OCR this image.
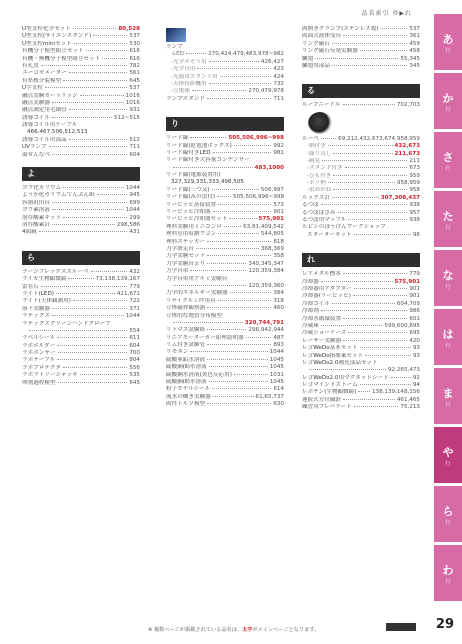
品名索引 ゆ▶れ
U型支柱化学セット	80,528
U型支柱(サイエンスタンド)	537
U型支柱miniセット	530
有機分子模型組立セット	616
有機・無機分子模型組立セット	616
有孔虫	782
ユーゴオメーター	561
有糸核分裂模型	645
U字支柱	537
融点実験カートリッジ	1016
融点実験器	1016
融点測定用毛細管	931
誘導コイル	512~515
誘導コイル用ケーブル
466,467,506,512,513
誘導コイル用部品	512
UVランプ	711
湯せんなべ	604
よ
ヨウ化カリウム	1044
ようか化カリウムでんぷん紙	945
容器汎用台	699
ヨウ素溶液	1044
溶存酸素キット	299
溶存酸素計	298,586
4面鏡	431
ら
ラージフレックススルーペ	432
ライカ生物顕微鏡	73,138,139,167
雷管石	779
ライト(LED)	421,671
ライト(天体観測用)	722
落下実験器	371
ラテックス	1044
ラテックスグリーンハンドグローブ
554
ラベルシール	611
ラボホルダー	604
ラボボンサー	700
ラボテーブル	804
ラボプロテクタ	556
ラボラトリージャッキ	535
卵割過程模型	645
ランプ
-LED	270,424,479,483,978~982
-光学ホそう用	426,427
-光学台用	423
-光源用スタンド用	424
-天体投影機用	732
-豆電球	270,479,978
ランプスタンド	711
り
リード線	505,506,996~998
リード線(乾電池ボックス)	992
リード線付きLED	981
リード線付き大容量コンデンサー
483,1000
リード線(電源装置用)
327,329,331,333,498,505
リード線(三つ又)	506,997
リード線(みの虫付)	505,506,996~998
リービッヒ蒸留装置	573
リービッヒ冷却器	901
リービッヒ冷却器セット	575,901
理科実験用ミニコンロ	63,81,409,542
理科室用収納ワゴン	544,805
理科ステッカー	818
力学滑走台	368,369
力学実験セット	358
力学実験台ぉり	340,345,347
力学台車	120,359,384
力学台車用アルミ実験台
120,359,360
力学的エネルギー実験器	384
リサイクル工作用具	318
立体磁界観察器	460
立体的な地質分布模型
320,744,791
リトマス試験紙	296,942,944
リニアモーターカー原理説明器	487
リム付き試験管	893
リモネン	1044
硫酸亜鉛水溶液	1045
硫酸銅(Ⅱ)水溶液	1045
硫酸銅水溶液(炎色反応用)	1031
硫酸銅(Ⅱ)水溶液	1045
粒子モデルシール	614
流水の働き実験器	61,65,737
両性トルソ模型	630
両開きクランプ(ステンレス製)	537
両面式液体受台	361
リング磁石	459
リング磁石反発実験器	458
鱗翅	55,345
鱗翅用部品	345
る
ループニードル	702,703
ルーペ	69,212,432,673,674,958,959
-柄付き	432,673
-繰り出し	211,673
-鏡見	211
-スタンド付き	673
-ひも付き	959
-ポリ柄	958,959
-虫めがね	958
ルックス計	307,308,437
るつぼ	938
るつぼばさみ	957
るつぼ用マッフル	938
ルビンのぼうけんワークショップ
スターターキット	96
れ
レアメタル標本	779
冷却器	575,901
冷却器用アダプター	901
冷却器(リービッヒ)	901
冷却コイル	604,709
冷却剤	986
冷却水循環装置	601
冷蔵庫	599,600,695
冷蔵ショーケース	695
レーザー実験器	420
レゴWeDo基本セット	93
レゴWeDo指導案セット	93
レゴWeDo2.0補充部品セット
92,265,473
レゴWeDo2.0用マグネットシート	92
レゴマインドストーム	94
レボチン(生物顕微鏡)	138,139,148,156
連続式方位磁針	461,465
練習用ブレパラート	75,213
あ
行
か
行
さ
行
た
行
な
行
は
行
ま
行
や
行
ら
行
わ
行
※ 複数ページが掲載されている品名は、太字がメインページとなります。	29
